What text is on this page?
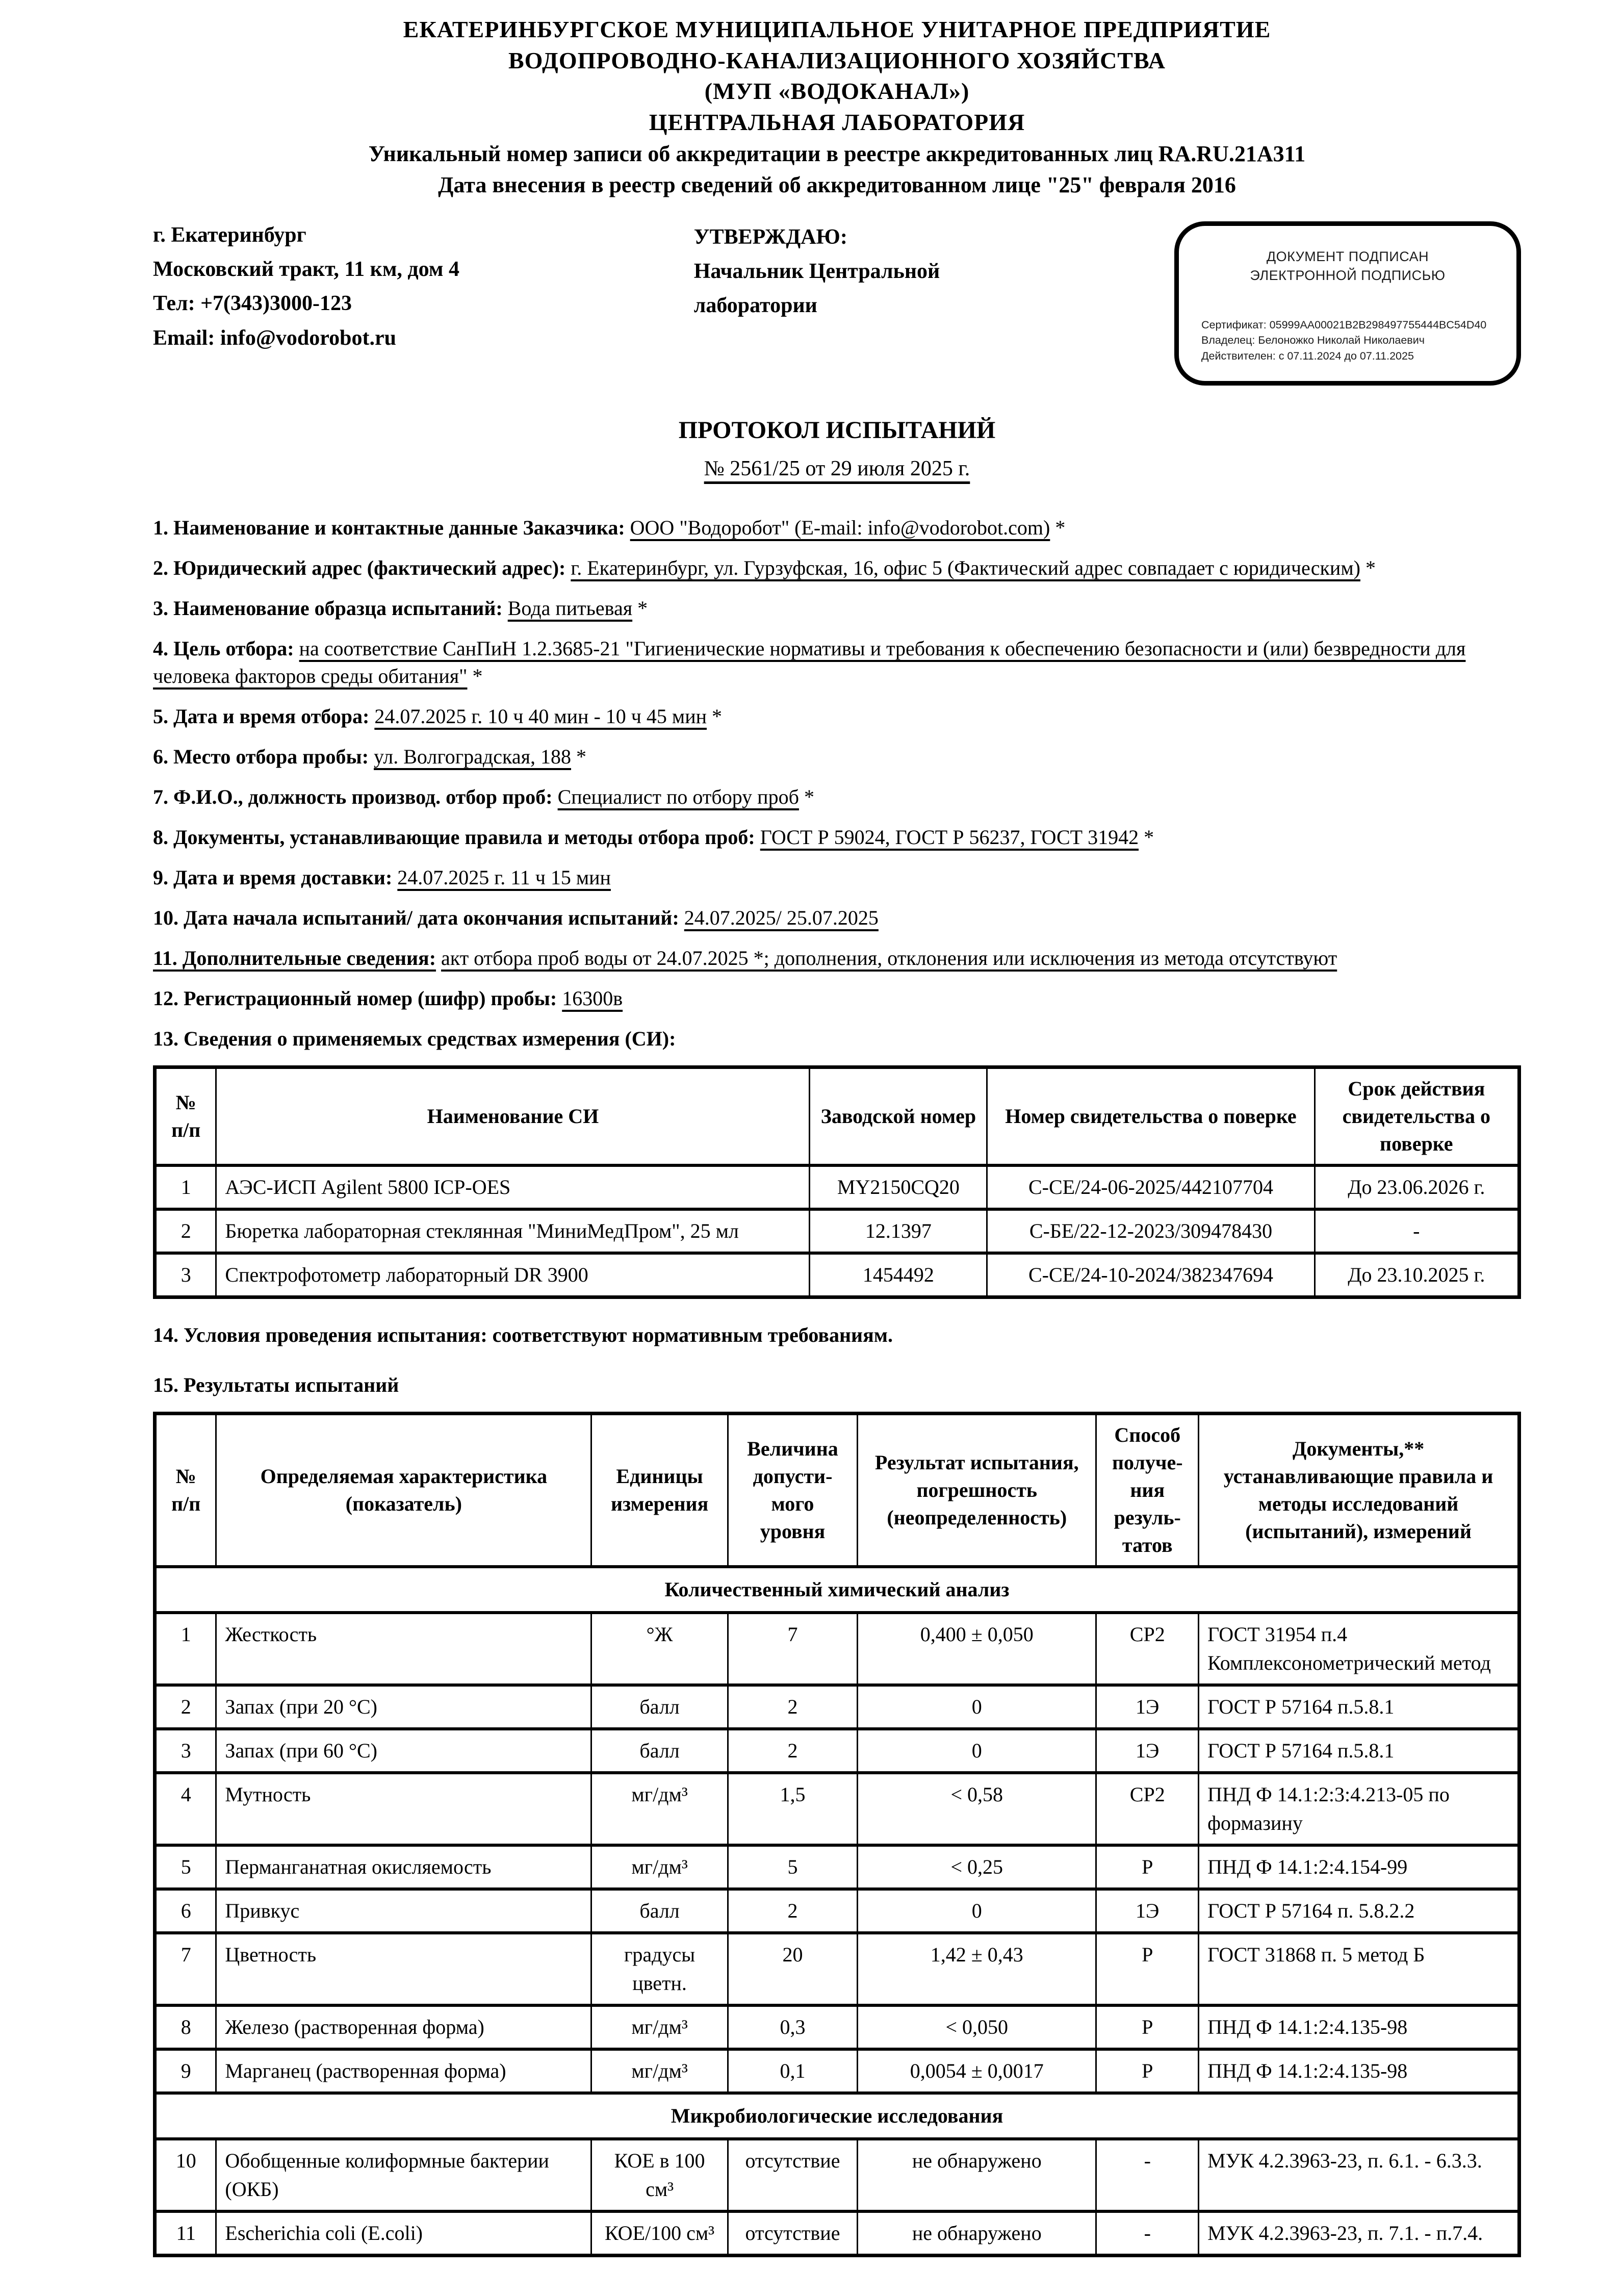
ЕКАТЕРИНБУРГСКОЕ МУНИЦИПАЛЬНОЕ УНИТАРНОЕ ПРЕДПРИЯТИЕ
ВОДОПРОВОДНО-КАНАЛИЗАЦИОННОГО ХОЗЯЙСТВА
(МУП «ВОДОКАНАЛ»)
ЦЕНТРАЛЬНАЯ ЛАБОРАТОРИЯ
Уникальный номер записи об аккредитации в реестре аккредитованных лиц RA.RU.21A311
Дата внесения в реестр сведений об аккредитованном лице "25" февраля 2016
г. Екатеринбург
Московский тракт, 11 км, дом 4
Тел: +7(343)3000-123
Email: info@vodorobot.ru
УТВЕРЖДАЮ:
Начальник Центральной
лаборатории
ДОКУМЕНТ ПОДПИСАН
ЭЛЕКТРОННОЙ ПОДПИСЬЮ
Сертификат: 05999AA00021B2B298497755444BC54D40
Владелец: Белоножко Николай Николаевич
Действителен: с 07.11.2024 до 07.11.2025
ПРОТОКОЛ ИСПЫТАНИЙ
№ 2561/25 от 29 июля 2025 г.
1. Наименование и контактные данные Заказчика: ООО "Водоробот" (E-mail: info@vodorobot.com) *
2. Юридический адрес (фактический адрес): г. Екатеринбург, ул. Гурзуфская, 16, офис 5 (Фактический адрес совпадает с юридическим) *
3. Наименование образца испытаний: Вода питьевая *
4. Цель отбора: на соответствие СанПиН 1.2.3685-21 "Гигиенические нормативы и требования к обеспечению безопасности и (или) безвредности для человека факторов среды обитания" *
5. Дата и время отбора: 24.07.2025 г. 10 ч 40 мин - 10 ч 45 мин *
6. Место отбора пробы: ул. Волгоградская, 188 *
7. Ф.И.О., должность производ. отбор проб: Специалист по отбору проб *
8. Документы, устанавливающие правила и методы отбора проб: ГОСТ Р 59024, ГОСТ Р 56237, ГОСТ 31942 *
9. Дата и время доставки: 24.07.2025 г. 11 ч 15 мин
10. Дата начала испытаний/ дата окончания испытаний: 24.07.2025/ 25.07.2025
11. Дополнительные сведения: акт отбора проб воды от 24.07.2025 *; дополнения, отклонения или исключения из метода отсутствуют
12. Регистрационный номер (шифр) пробы: 16300в
13. Сведения о применяемых средствах измерения (СИ):
№ п/п	Наименование СИ	Заводской номер	Номер свидетельства о поверке	Срок действия свидетельства о поверке
1	АЭС-ИСП Agilent 5800 ICP-OES	MY2150CQ20	С-СЕ/24-06-2025/442107704	До 23.06.2026 г.
2	Бюретка лабораторная стеклянная "МиниМедПром", 25 мл	12.1397	С-БЕ/22-12-2023/309478430	-
3	Спектрофотометр лабораторный DR 3900	1454492	С-СЕ/24-10-2024/382347694	До 23.10.2025 г.
14. Условия проведения испытания: соответствуют нормативным требованиям.
15. Результаты испытаний
№ п/п	Определяемая характеристика (показатель)	Единицы измерения	Величина допусти-мого уровня	Результат испытания, погрешность (неопределенность)	Способ получе-ния резуль-татов	Документы,** устанавливающие правила и методы исследований (испытаний), измерений
Количественный химический анализ						
1	Жесткость	°Ж	7	0,400 ± 0,050	СР2	ГОСТ 31954 п.4 Комплексонометрический метод
2	Запах (при 20 °С)	балл	2	0	1Э	ГОСТ Р 57164 п.5.8.1
3	Запах (при 60 °С)	балл	2	0	1Э	ГОСТ Р 57164 п.5.8.1
4	Мутность	мг/дм³	1,5	< 0,58	СР2	ПНД Ф 14.1:2:3:4.213-05 по формазину
5	Перманганатная окисляемость	мг/дм³	5	< 0,25	Р	ПНД Ф 14.1:2:4.154-99
6	Привкус	балл	2	0	1Э	ГОСТ Р 57164 п. 5.8.2.2
7	Цветность	градусы цветн.	20	1,42 ± 0,43	Р	ГОСТ 31868 п. 5 метод Б
8	Железо (растворенная форма)	мг/дм³	0,3	< 0,050	Р	ПНД Ф 14.1:2:4.135-98
9	Марганец (растворенная форма)	мг/дм³	0,1	0,0054 ± 0,0017	Р	ПНД Ф 14.1:2:4.135-98
Микробиологические исследования						
10	Обобщенные колиформные бактерии (ОКБ)	КОЕ в 100 см³	отсутствие	не обнаружено	-	МУК 4.2.3963-23, п. 6.1. - 6.3.3.
11	Escherichia coli (E.coli)	КОЕ/100 см³	отсутствие	не обнаружено	-	МУК 4.2.3963-23, п. 7.1. - п.7.4.
